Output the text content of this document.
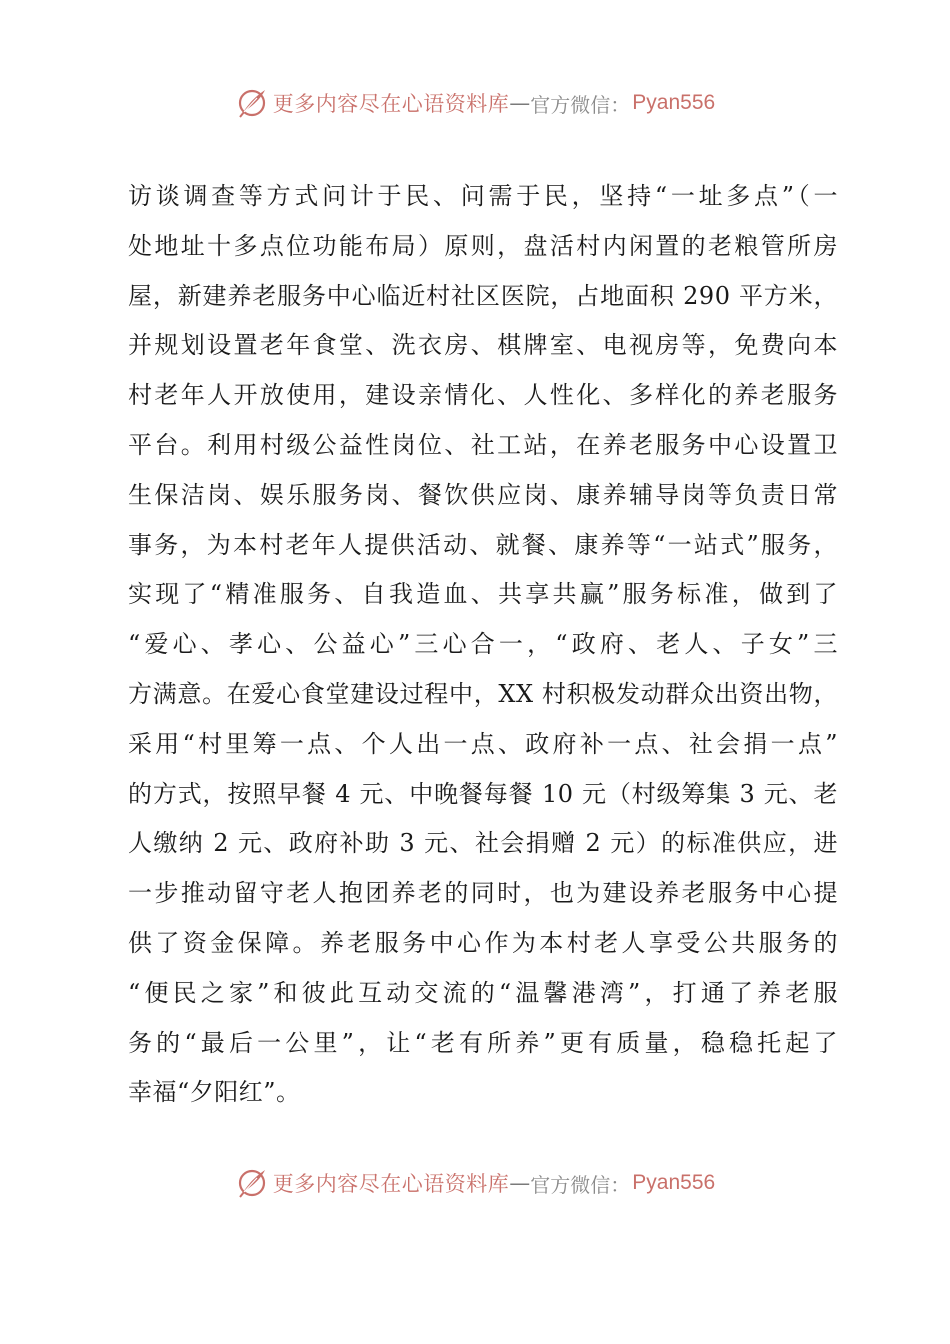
更多内容尽在心语资料库 — 官方微信： Pyan556
访谈调查等方式问计于民、问需于民，坚持“一址多点”（一
处地址十多点位功能布局）原则，盘活村内闲置的老粮管所房
屋，新建养老服务中心临近村社区医院，占地面积 290 平方米，
并规划设置老年食堂、洗衣房、棋牌室、电视房等，免费向本
村老年人开放使用，建设亲情化、人性化、多样化的养老服务
平台。利用村级公益性岗位、社工站，在养老服务中心设置卫
生保洁岗、娱乐服务岗、餐饮供应岗、康养辅导岗等负责日常
事务，为本村老年人提供活动、就餐、康养等“一站式”服务，
实现了“精准服务、自我造血、共享共赢”服务标准，做到了
“爱心、孝心、公益心”三心合一，“政府、老人、子女”三
方满意。在爱心食堂建设过程中，XX 村积极发动群众出资出物，
采用“村里筹一点、个人出一点、政府补一点、社会捐一点”
的方式，按照早餐 4 元、中晚餐每餐 10 元（村级筹集 3 元、老
人缴纳 2 元、政府补助 3 元、社会捐赠 2 元）的标准供应，进
一步推动留守老人抱团养老的同时，也为建设养老服务中心提
供了资金保障。养老服务中心作为本村老人享受公共服务的
“便民之家”和彼此互动交流的“温馨港湾”，打通了养老服
务的“最后一公里”，让“老有所养”更有质量，稳稳托起了
幸福“夕阳红”。
更多内容尽在心语资料库 — 官方微信： Pyan556
